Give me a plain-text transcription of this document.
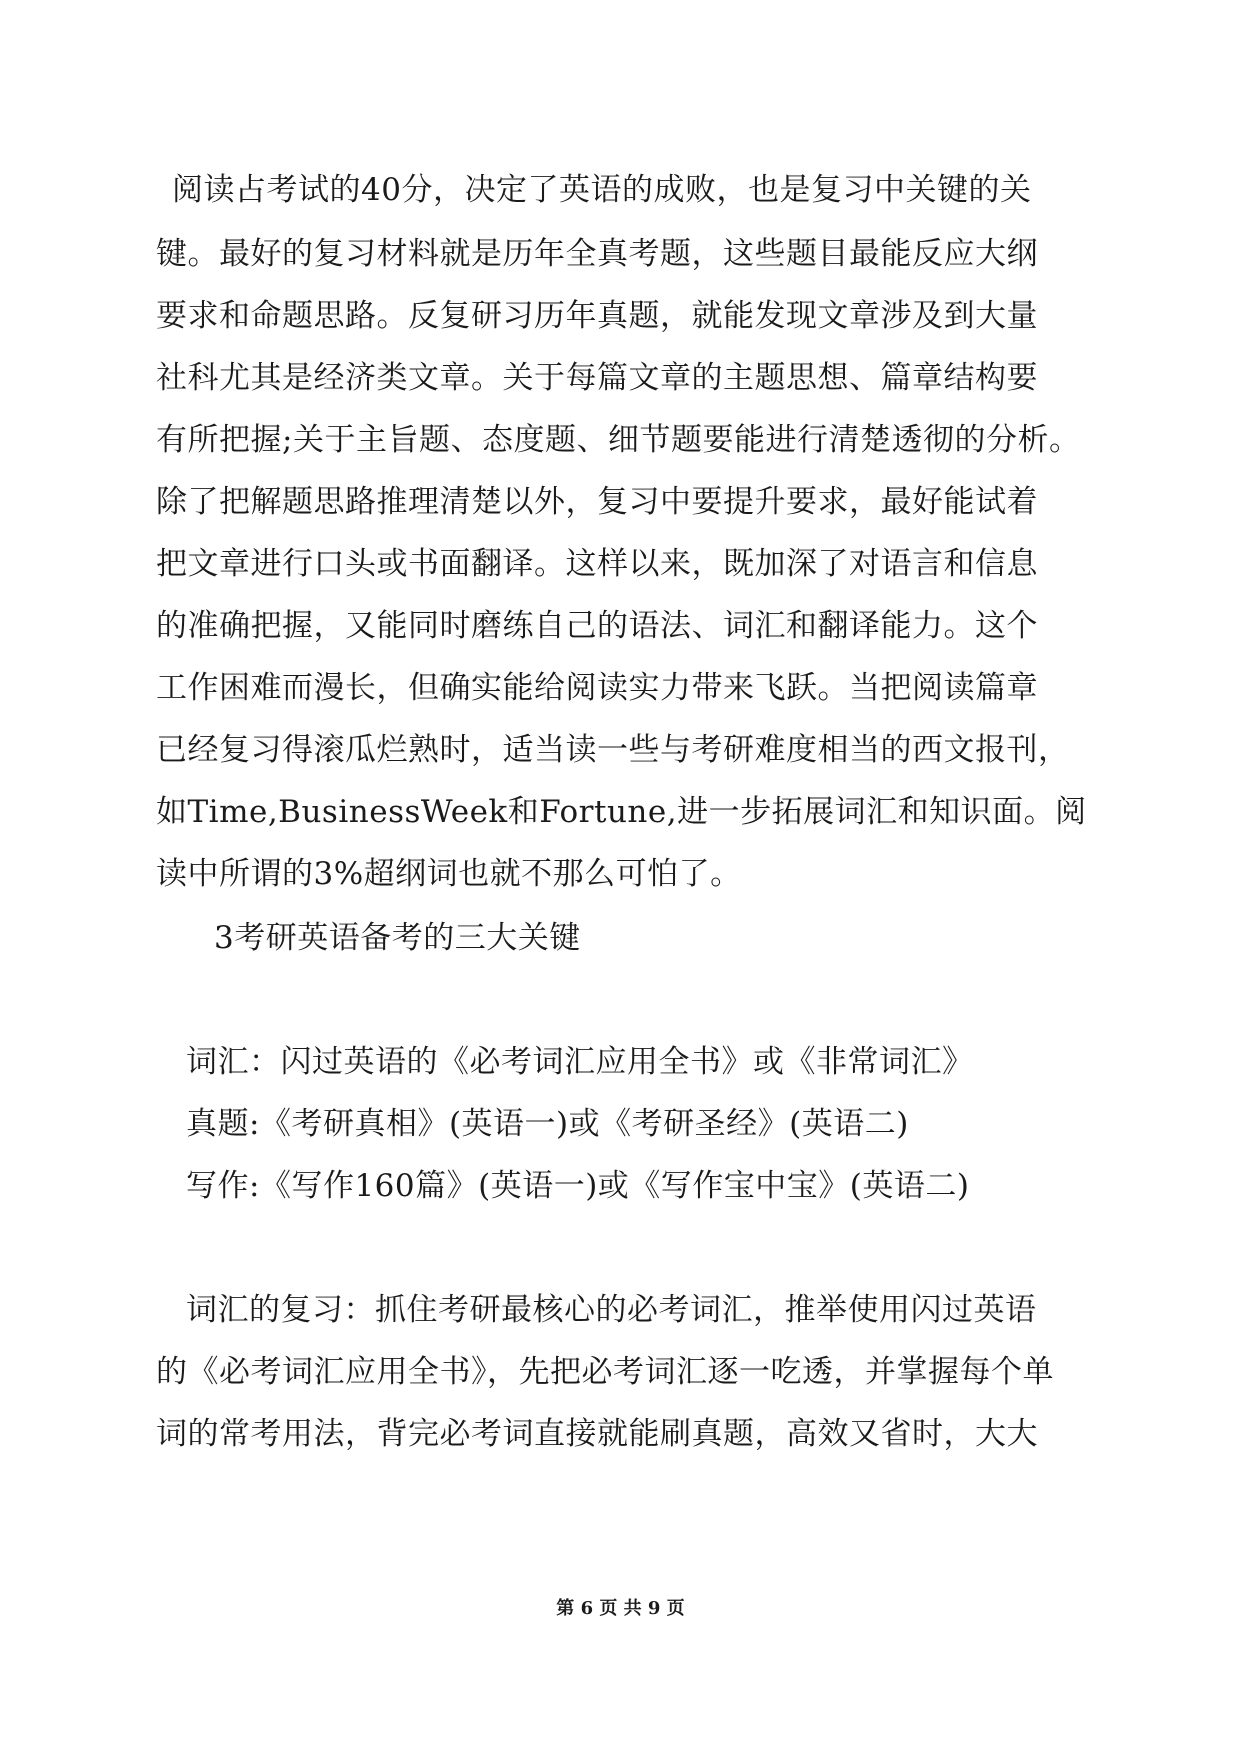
阅读占考试的40分，决定了英语的成败，也是复习中关键的关
键。最好的复习材料就是历年全真考题，这些题目最能反应大纲
要求和命题思路。反复研习历年真题，就能发现文章涉及到大量
社科尤其是经济类文章。关于每篇文章的主题思想、篇章结构要
有所把握;关于主旨题、态度题、细节题要能进行清楚透彻的分析。
除了把解题思路推理清楚以外，复习中要提升要求，最好能试着
把文章进行口头或书面翻译。这样以来，既加深了对语言和信息
的准确把握，又能同时磨练自己的语法、词汇和翻译能力。这个
工作困难而漫长，但确实能给阅读实力带来飞跃。当把阅读篇章
已经复习得滚瓜烂熟时，适当读一些与考研难度相当的西文报刊，
如Time,BusinessWeek和Fortune,进一步拓展词汇和知识面。阅
读中所谓的3%超纲词也就不那么可怕了。
3考研英语备考的三大关键
词汇：闪过英语的《必考词汇应用全书》或《非常词汇》
真题:《考研真相》(英语一)或《考研圣经》(英语二)
写作:《写作160篇》(英语一)或《写作宝中宝》(英语二)
词汇的复习：抓住考研最核心的必考词汇，推举使用闪过英语
的《必考词汇应用全书》，先把必考词汇逐一吃透，并掌握每个单
词的常考用法，背完必考词直接就能刷真题，高效又省时，大大
第 6 页 共 9 页
